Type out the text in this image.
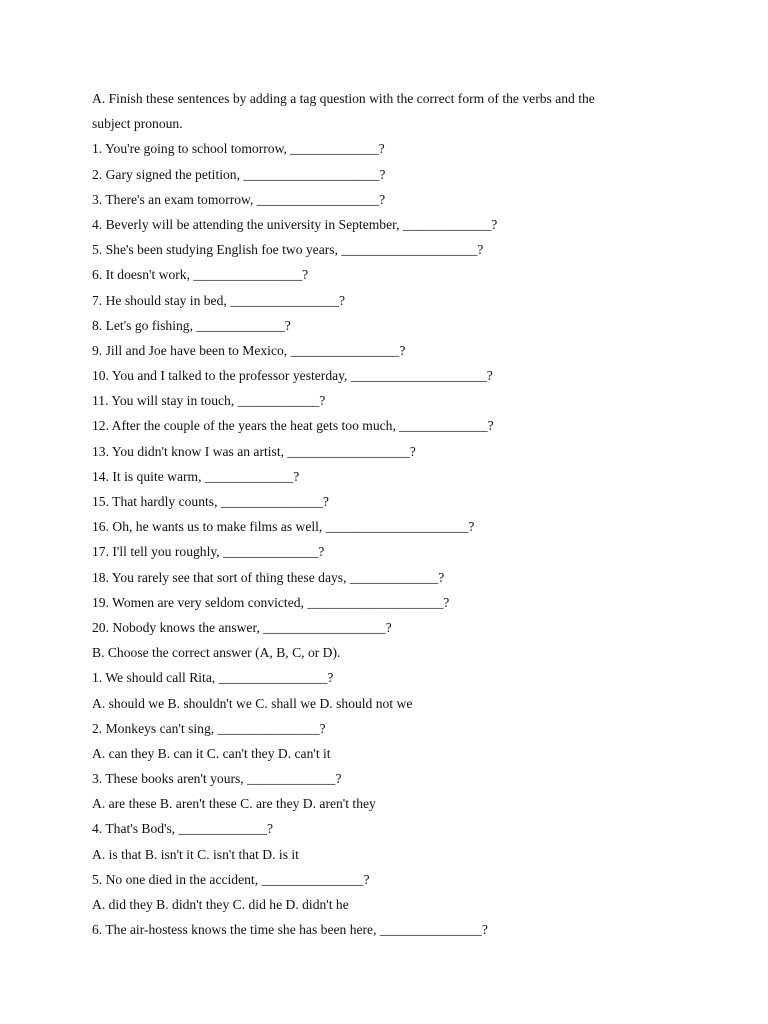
A. Finish these sentences by adding a tag question with the correct form of the verbs and the
subject pronoun.
1. You're going to school tomorrow, _____________?
2. Gary signed the petition, ____________________?
3. There's an exam tomorrow, __________________?
4. Beverly will be attending the university in September, _____________?
5. She's been studying English foe two years, ____________________?
6. It doesn't work, ________________?
7. He should stay in bed, ________________?
8. Let's go fishing, _____________?
9. Jill and Joe have been to Mexico, ________________?
10. You and I talked to the professor yesterday, ____________________?
11. You will stay in touch, ____________?
12. After the couple of the years the heat gets too much, _____________?
13. You didn't know I was an artist, __________________?
14. It is quite warm, _____________?
15. That hardly counts, _______________?
16. Oh, he wants us to make films as well, _____________________?
17. I'll tell you roughly, ______________?
18. You rarely see that sort of thing these days, _____________?
19. Women are very seldom convicted, ____________________?
20. Nobody knows the answer, __________________?
B. Choose the correct answer (A, B, C, or D).
1. We should call Rita, ________________?
A. should we B. shouldn't we C. shall we D. should not we
2. Monkeys can't sing, _______________?
A. can they B. can it C. can't they D. can't it
3. These books aren't yours, _____________?
A. are these B. aren't these C. are they D. aren't they
4. That's Bod's, _____________?
A. is that B. isn't it C. isn't that D. is it
5. No one died in the accident, _______________?
A. did they B. didn't they C. did he D. didn't he
6. The air-hostess knows the time she has been here, _______________?
